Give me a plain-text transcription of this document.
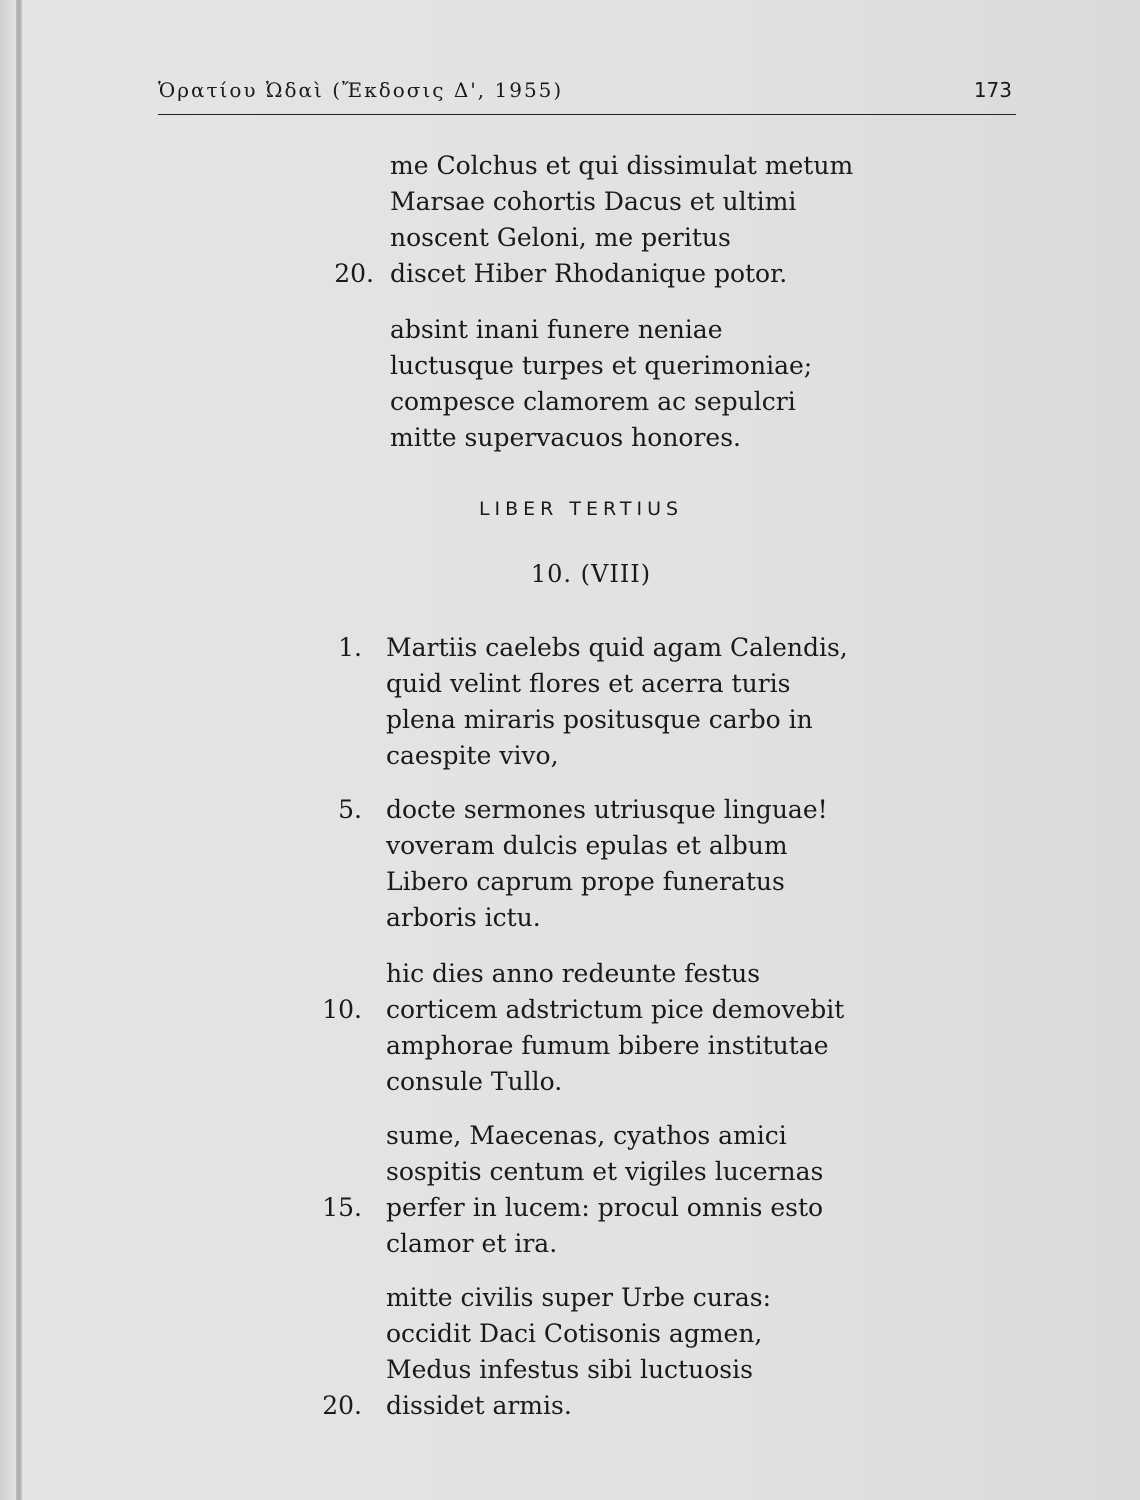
Ὁρατίου Ὠδαὶ (Ἔκδοσις Δ', 1955)	173
me Colchus et qui dissimulat metum
Marsae cohortis Dacus et ultimi
noscent Geloni, me peritus
20. discet Hiber Rhodanique potor.
absint inani funere neniae
luctusque turpes et querimoniae;
compesce clamorem ac sepulcri
mitte supervacuos honores.
LIBER TERTIUS
10. (VIII)
1. Martiis caelebs quid agam Calendis,
quid velint flores et acerra turis
plena miraris positusque carbo in
caespite vivo,
5. docte sermones utriusque linguae!
voveram dulcis epulas et album
Libero caprum prope funeratus
arboris ictu.
hic dies anno redeunte festus
10. corticem adstrictum pice demovebit
amphorae fumum bibere institutae
consule Tullo.
sume, Maecenas, cyathos amici
sospitis centum et vigiles lucernas
15. perfer in lucem: procul omnis esto
clamor et ira.
mitte civilis super Urbe curas:
occidit Daci Cotisonis agmen,
Medus infestus sibi luctuosis
20. dissidet armis.
